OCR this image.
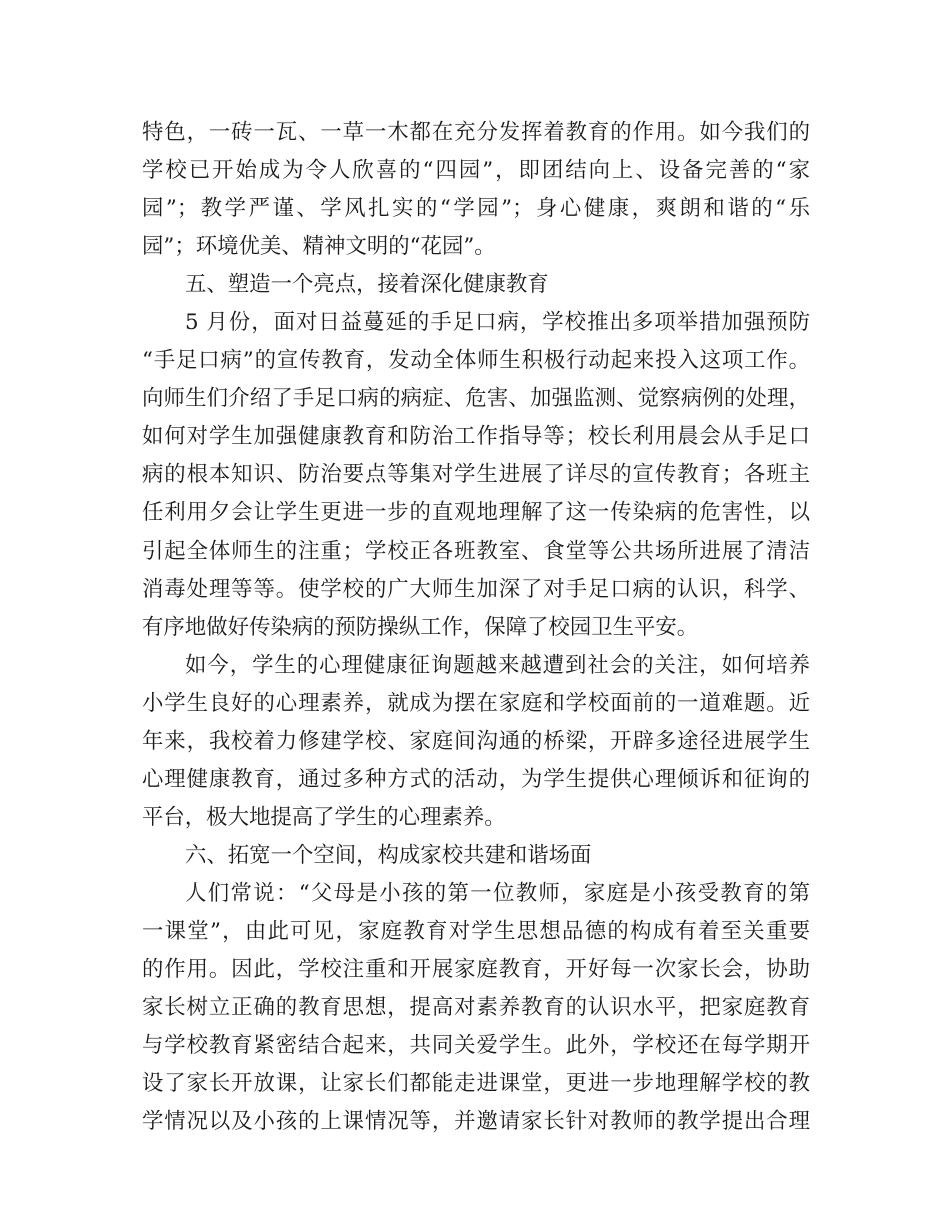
特色，一砖一瓦、一草一木都在充分发挥着教育的作用。如今我们的
学校已开始成为令人欣喜的“四园”，即团结向上、设备完善的“家
园”；教学严谨、学风扎实的“学园”；身心健康，爽朗和谐的“乐
园”；环境优美、精神文明的“花园”。
五、塑造一个亮点，接着深化健康教育
5 月份，面对日益蔓延的手足口病，学校推出多项举措加强预防
“手足口病”的宣传教育，发动全体师生积极行动起来投入这项工作。
向师生们介绍了手足口病的病症、危害、加强监测、觉察病例的处理，
如何对学生加强健康教育和防治工作指导等；校长利用晨会从手足口
病的根本知识、防治要点等集对学生进展了详尽的宣传教育；各班主
任利用夕会让学生更进一步的直观地理解了这一传染病的危害性，以
引起全体师生的注重；学校正各班教室、食堂等公共场所进展了清洁
消毒处理等等。使学校的广大师生加深了对手足口病的认识，科学、
有序地做好传染病的预防操纵工作，保障了校园卫生平安。
如今，学生的心理健康征询题越来越遭到社会的关注，如何培养
小学生良好的心理素养，就成为摆在家庭和学校面前的一道难题。近
年来，我校着力修建学校、家庭间沟通的桥梁，开辟多途径进展学生
心理健康教育，通过多种方式的活动，为学生提供心理倾诉和征询的
平台，极大地提高了学生的心理素养。
六、拓宽一个空间，构成家校共建和谐场面
人们常说：“父母是小孩的第一位教师，家庭是小孩受教育的第
一课堂”，由此可见，家庭教育对学生思想品德的构成有着至关重要
的作用。因此，学校注重和开展家庭教育，开好每一次家长会，协助
家长树立正确的教育思想，提高对素养教育的认识水平，把家庭教育
与学校教育紧密结合起来，共同关爱学生。此外，学校还在每学期开
设了家长开放课，让家长们都能走进课堂，更进一步地理解学校的教
学情况以及小孩的上课情况等，并邀请家长针对教师的教学提出合理
